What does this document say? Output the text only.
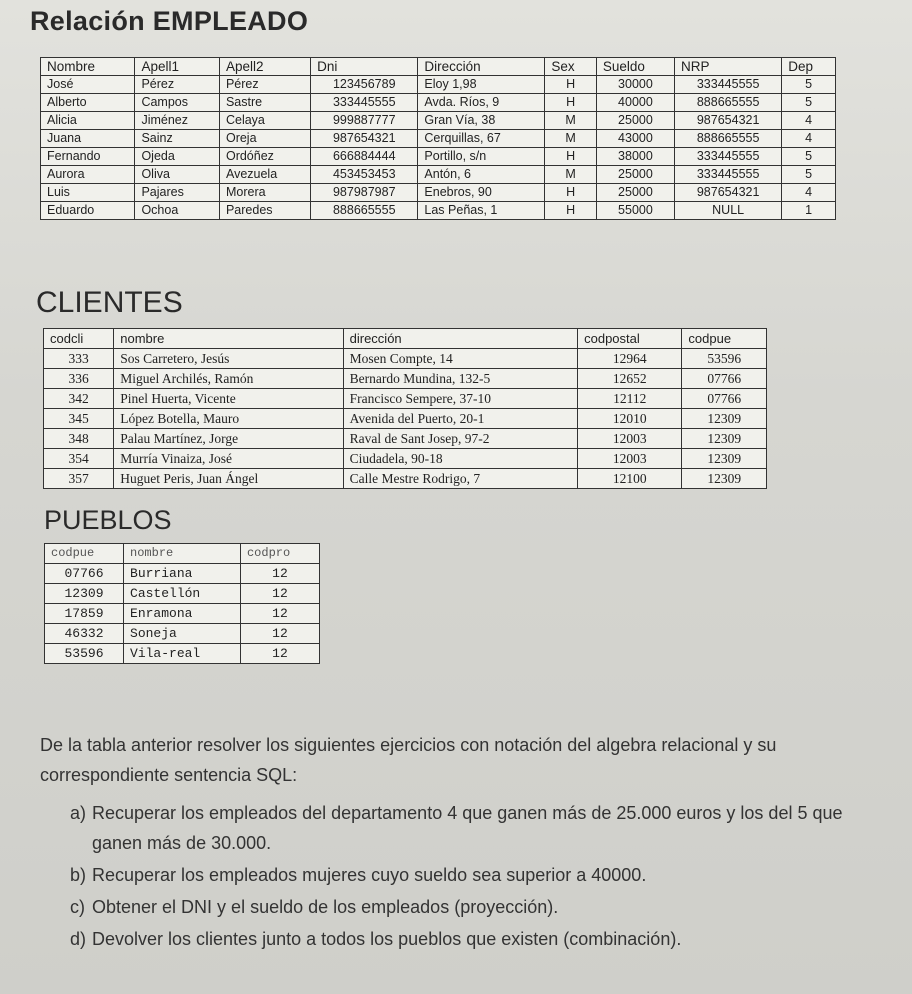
Relación EMPLEADO
Nombre	Apell1	Apell2	Dni	Dirección	Sex	Sueldo	NRP	Dep
José	Pérez	Pérez	123456789	Eloy 1,98	H	30000	333445555	5
Alberto	Campos	Sastre	333445555	Avda. Ríos, 9	H	40000	888665555	5
Alicia	Jiménez	Celaya	999887777	Gran Vía, 38	M	25000	987654321	4
Juana	Sainz	Oreja	987654321	Cerquillas, 67	M	43000	888665555	4
Fernando	Ojeda	Ordóñez	666884444	Portillo, s/n	H	38000	333445555	5
Aurora	Oliva	Avezuela	453453453	Antón, 6	M	25000	333445555	5
Luis	Pajares	Morera	987987987	Enebros, 90	H	25000	987654321	4
Eduardo	Ochoa	Paredes	888665555	Las Peñas, 1	H	55000	NULL	1
CLIENTES
codcli	nombre	dirección	codpostal	codpue
333	Sos Carretero, Jesús	Mosen Compte, 14	12964	53596
336	Miguel Archilés, Ramón	Bernardo Mundina, 132-5	12652	07766
342	Pinel Huerta, Vicente	Francisco Sempere, 37-10	12112	07766
345	López Botella, Mauro	Avenida del Puerto, 20-1	12010	12309
348	Palau Martínez, Jorge	Raval de Sant Josep, 97-2	12003	12309
354	Murría Vinaiza, José	Ciudadela, 90-18	12003	12309
357	Huguet Peris, Juan Ángel	Calle Mestre Rodrigo, 7	12100	12309
PUEBLOS
codpue	nombre	codpro
07766	Burriana	12
12309	Castellón	12
17859	Enramona	12
46332	Soneja	12
53596	Vila-real	12

De la tabla anterior resolver los siguientes ejercicios con notación del algebra relacional y su correspondiente sentencia SQL:

a) Recuperar los empleados del departamento 4 que ganen más de 25.000 euros y los del 5 que ganen más de 30.000.
b) Recuperar los empleados mujeres cuyo sueldo sea superior a 40000.
c) Obtener el DNI y el sueldo de los empleados (proyección).
d) Devolver los clientes junto a todos los pueblos que existen (combinación).
